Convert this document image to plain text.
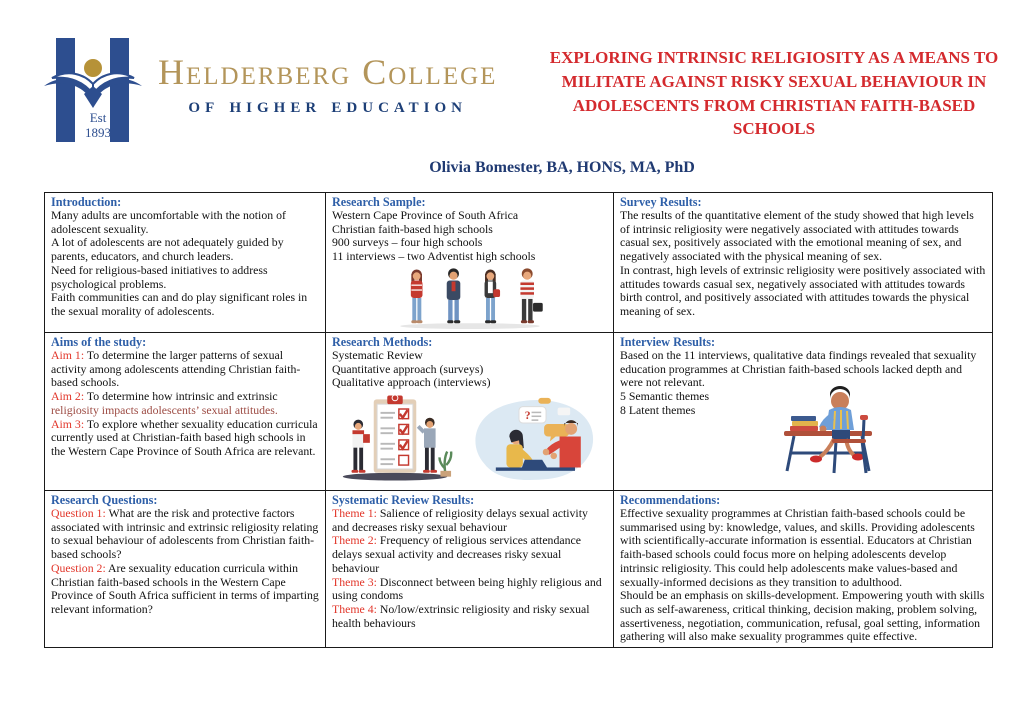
Est
1893
Helderberg College
of higher education
EXPLORING INTRINSIC RELIGIOSITY AS A MEANS TO MILITATE AGAINST RISKY SEXUAL BEHAVIOUR IN ADOLESCENTS FROM CHRISTIAN FAITH-BASED SCHOOLS
Olivia Bomester, BA, HONS, MA, PhD
Introduction:

Many adults are uncomfortable with the notion of adolescent sexuality.

A lot of adolescents are not adequately guided by parents, educators, and church leaders.

Need for religious-based initiatives to address psychological problems.

Faith communities can and do play significant roles in the sexual morality of adolescents.

Research Sample:

Western Cape Province of South Africa

Christian faith-based high schools

900 surveys – four high schools

11 interviews – two Adventist high schools

Survey Results:

The results of the quantitative element of the study showed that high levels of intrinsic religiosity were negatively associated with attitudes towards casual sex, positively associated with the emotional meaning of sex, and negatively associated with the physical meaning of sex.

In contrast, high levels of extrinsic religiosity were positively associated with attitudes towards casual sex, negatively associated with attitudes towards birth control, and positively associated with attitudes towards the physical meaning of sex.

Aims of the study:

Aim 1: To determine the larger patterns of sexual activity among adolescents attending Christian faith-based schools.

Aim 2: To determine how intrinsic and extrinsic religiosity impacts adolescents’ sexual attitudes.

Aim 3: To explore whether sexuality education curricula currently used at Christian-faith based high schools in the Western Cape Province of South Africa are relevant.

Research Methods:

Systematic Review

Quantitative approach (surveys)

Qualitative approach (interviews)

?
Interview Results:

Based on the 11 interviews, qualitative data findings revealed that sexuality education programmes at Christian faith-based schools lacked depth and were not relevant.

5 Semantic themes

8 Latent themes

Research Questions:

Question 1: What are the risk and protective factors associated with intrinsic and extrinsic religiosity relating to sexual behaviour of adolescents from Christian faith-based schools?

Question 2: Are sexuality education curricula within Christian faith-based schools in the Western Cape Province of South Africa sufficient in terms of imparting relevant information?

Systematic Review Results:

Theme 1: Salience of religiosity delays sexual activity and decreases risky sexual behaviour

Theme 2: Frequency of religious services attendance delays sexual activity and decreases risky sexual behaviour

Theme 3: Disconnect between being highly religious and using condoms

Theme 4: No/low/extrinsic religiosity and risky sexual health behaviours

Recommendations:

Effective sexuality programmes at Christian faith-based schools could be summarised using by: knowledge, values, and skills. Providing adolescents with scientifically-accurate information is essential. Educators at Christian faith-based schools could focus more on helping adolescents develop intrinsic religiosity. This could help adolescents make values-based and sexually-informed decisions as they transition to adulthood.

Should be an emphasis on skills-development. Empowering youth with skills such as self-awareness, critical thinking, decision making, problem solving, assertiveness, negotiation, communication, refusal, goal setting, information gathering will also make sexuality programmes quite effective.
